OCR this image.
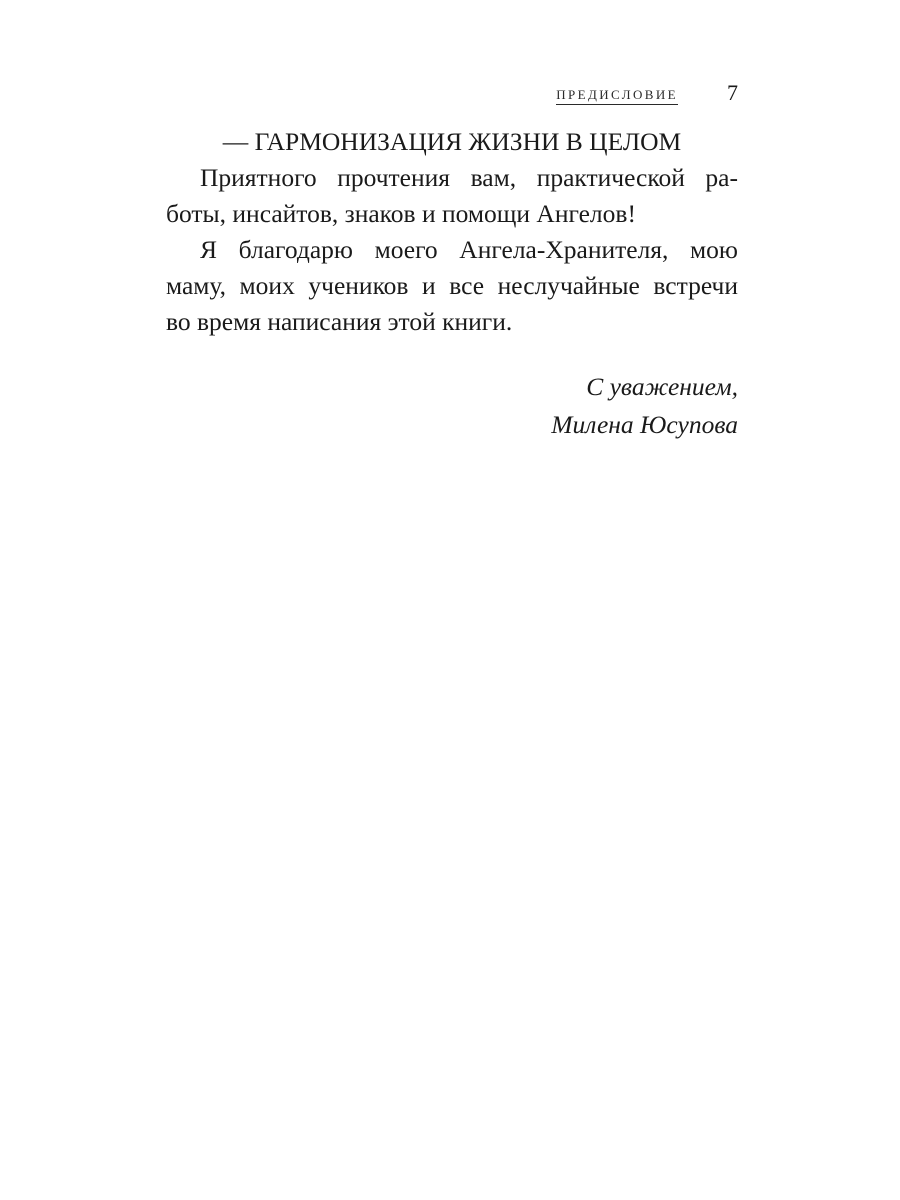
ПРЕДИСЛОВИЕ 7

— ГАРМОНИЗАЦИЯ ЖИЗНИ В ЦЕЛОМ

Приятного прочтения вам, практической ра-
боты, инсайтов, знаков и помощи Ангелов!

Я благодарю моего Ангела-Хранителя, мою
маму, моих учеников и все неслучайные встречи
во время написания этой книги.

С уважением,
Милена Юсупова
